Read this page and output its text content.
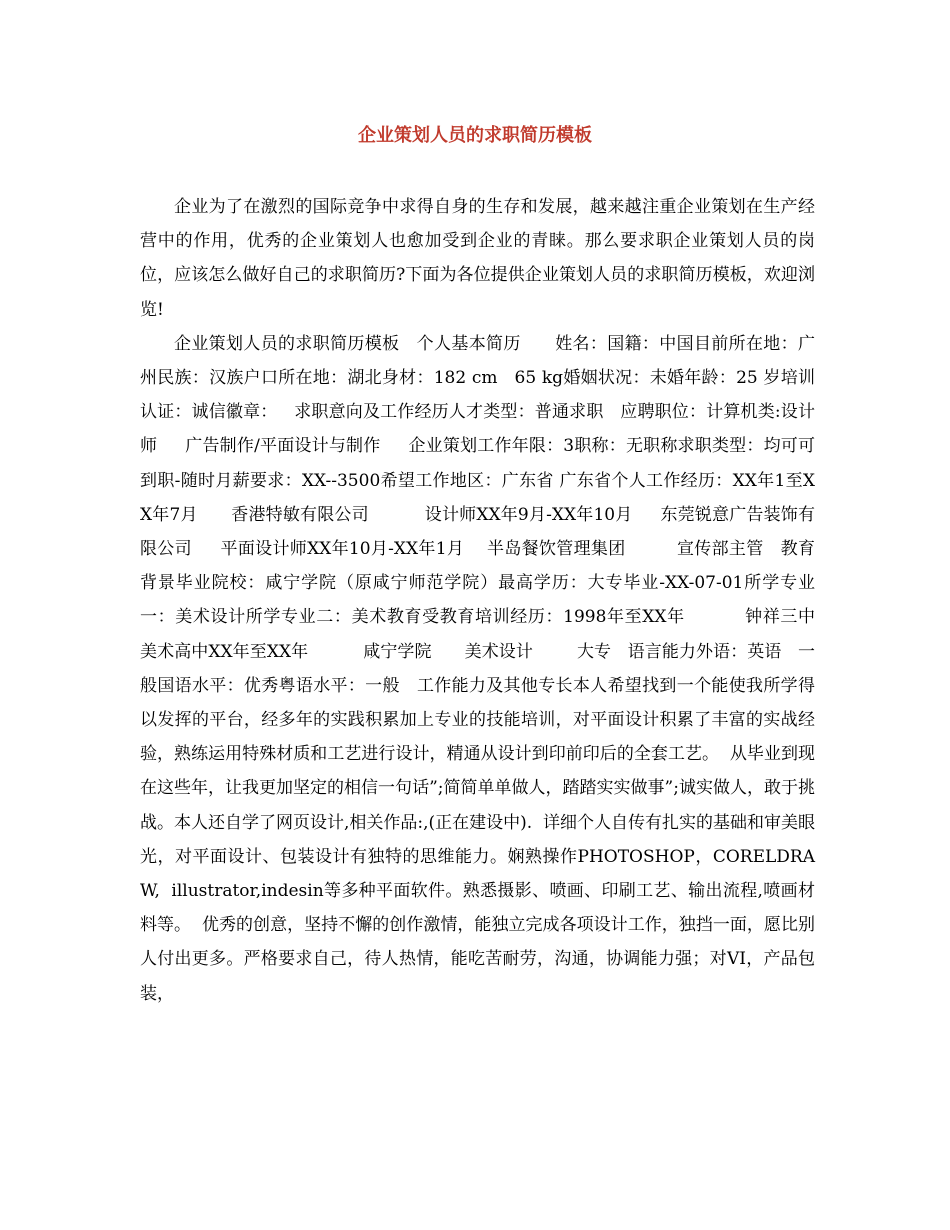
企业策划人员的求职简历模板

企业为了在激烈的国际竞争中求得自身的生存和发展，越来越注重企业策划在生产经营中的作用，优秀的企业策划人也愈加受到企业的青睐。那么要求职企业策划人员的岗位，应该怎么做好自己的求职简历?下面为各位提供企业策划人员的求职简历模板，欢迎浏览!

企业策划人员的求职简历模板   个人基本简历      姓名：国籍：中国目前所在地：广州民族：汉族户口所在地：湖北身材：182 cm   65 kg婚姻状况：未婚年龄：25 岁培训认证：诚信徽章：   求职意向及工作经历人才类型：普通求职   应聘职位：计算机类:设计师     广告制作/平面设计与制作     企业策划工作年限：3职称：无职称求职类型：均可可到职-随时月薪要求：XX--3500希望工作地区：广东省 广东省个人工作经历：XX年1至XX年7月      香港特敏有限公司          设计师XX年9月-XX年10月     东莞锐意广告装饰有限公司     平面设计师XX年10月-XX年1月    半岛餐饮管理集团         宣传部主管   教育背景毕业院校：咸宁学院（原咸宁师范学院）最高学历：大专毕业-XX-07-01所学专业一：美术设计所学专业二：美术教育受教育培训经历：1998年至XX年          钟祥三中          美术高中XX年至XX年          咸宁学院      美术设计        大专   语言能力外语：英语   一般国语水平：优秀粤语水平：一般   工作能力及其他专长本人希望找到一个能使我所学得以发挥的平台，经多年的实践积累加上专业的技能培训，对平面设计积累了丰富的实战经验，熟练运用特殊材质和工艺进行设计，精通从设计到印前印后的全套工艺。  从毕业到现在这些年，让我更加坚定的相信一句话”;简简单单做人，踏踏实实做事”;诚实做人，敢于挑战。本人还自学了网页设计,相关作品:,(正在建设中).  详细个人自传有扎实的基础和审美眼光，对平面设计、包装设计有独特的思维能力。娴熟操作PHOTOSHOP，CORELDRAW,  illustrator,indesin等多种平面软件。熟悉摄影、喷画、印刷工艺、输出流程,喷画材料等。  优秀的创意，坚持不懈的创作激情，能独立完成各项设计工作，独挡一面，愿比别人付出更多。严格要求自己，待人热情，能吃苦耐劳，沟通，协调能力强；对VI，产品包装，
